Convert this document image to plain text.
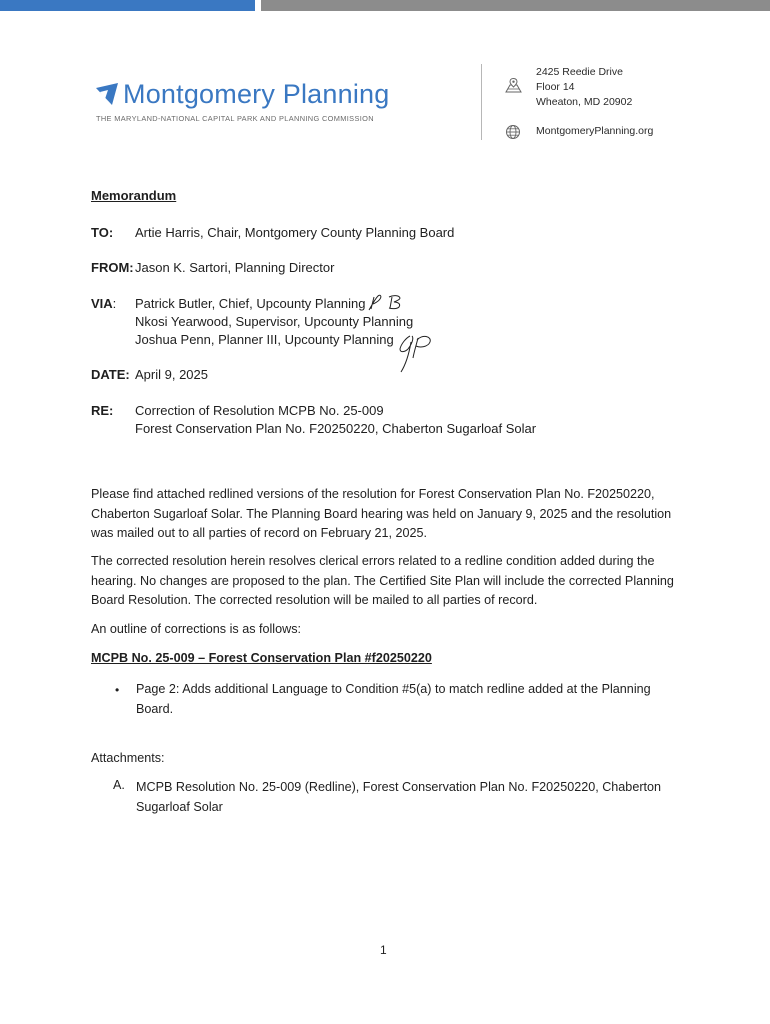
Montgomery Planning
THE MARYLAND-NATIONAL CAPITAL PARK AND PLANNING COMMISSION
2425 Reedie Drive
Floor 14
Wheaton, MD 20902
MontgomeryPlanning.org
Memorandum
TO: Artie Harris, Chair, Montgomery County Planning Board
FROM: Jason K. Sartori, Planning Director
VIA: Patrick Butler, Chief, Upcounty Planning
Nkosi Yearwood, Supervisor, Upcounty Planning
Joshua Penn, Planner III, Upcounty Planning
DATE: April 9, 2025
RE: Correction of Resolution MCPB No. 25-009
Forest Conservation Plan No. F20250220, Chaberton Sugarloaf Solar
Please find attached redlined versions of the resolution for Forest Conservation Plan No. F20250220, Chaberton Sugarloaf Solar. The Planning Board hearing was held on January 9, 2025 and the resolution was mailed out to all parties of record on February 21, 2025.
The corrected resolution herein resolves clerical errors related to a redline condition added during the hearing. No changes are proposed to the plan. The Certified Site Plan will include the corrected Planning Board Resolution. The corrected resolution will be mailed to all parties of record.
An outline of corrections is as follows:
MCPB No. 25-009 – Forest Conservation Plan #f20250220
• Page 2: Adds additional Language to Condition #5(a) to match redline added at the Planning Board.
Attachments:
A. MCPB Resolution No. 25-009 (Redline), Forest Conservation Plan No. F20250220, Chaberton Sugarloaf Solar
1
